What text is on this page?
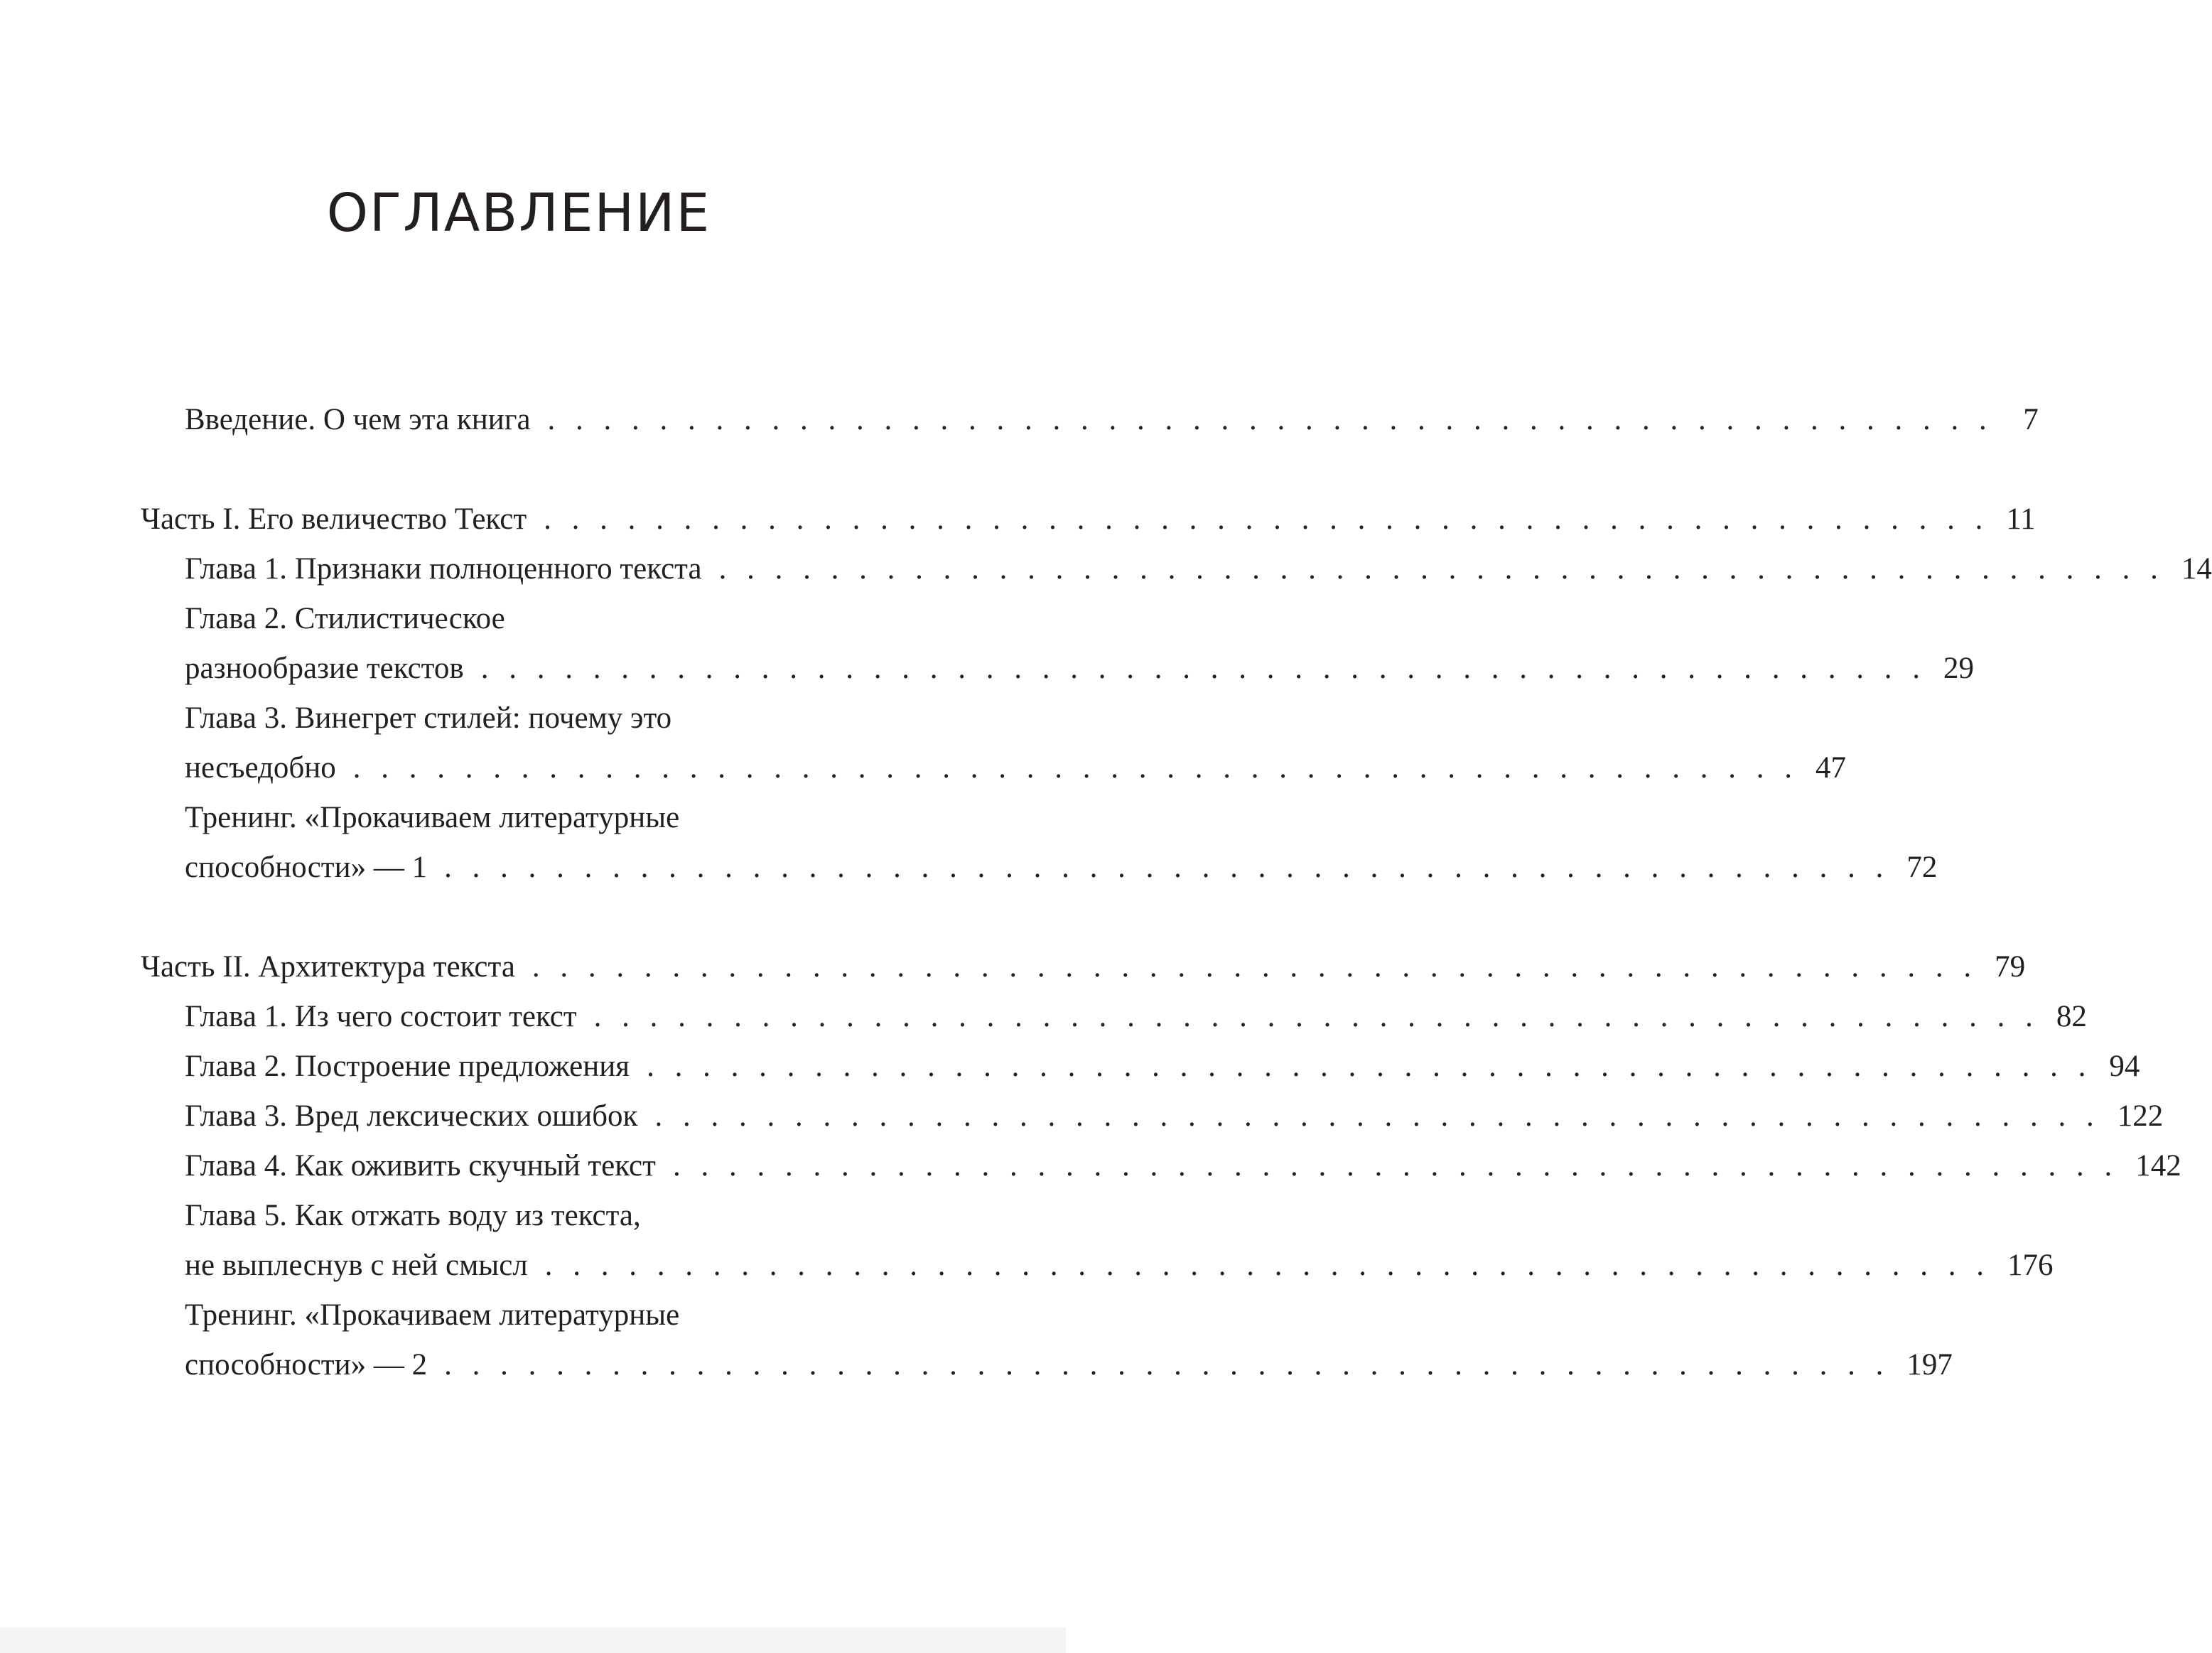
ОГЛАВЛЕНИЕ
Введение. О чем эта книга . . . . . . . . . . . . . . . . . . . . . . . . . . . . . . . . . . . . . . . . . . . . . . . . . . . . 7
Часть I. Его величество Текст . . . . . . . . . . . . . . . . . . . . . . . . . . . . . . . . . . . . . . . . . . . . . . . . . . . . 11
Глава 1. Признаки полноценного текста . . . . . . . . . . . . . . . . . . . . . . . . . . . . . . . . . . . . . . . . . . . . . . . . . . . . 14
Глава 2. Стилистическое
разнообразие текстов . . . . . . . . . . . . . . . . . . . . . . . . . . . . . . . . . . . . . . . . . . . . . . . . . . . . 29
Глава 3. Винегрет стилей: почему это
несъедобно . . . . . . . . . . . . . . . . . . . . . . . . . . . . . . . . . . . . . . . . . . . . . . . . . . . . 47
Тренинг. «Прокачиваем литературные
способности» — 1 . . . . . . . . . . . . . . . . . . . . . . . . . . . . . . . . . . . . . . . . . . . . . . . . . . . . 72
Часть II. Архитектура текста . . . . . . . . . . . . . . . . . . . . . . . . . . . . . . . . . . . . . . . . . . . . . . . . . . . . 79
Глава 1. Из чего состоит текст . . . . . . . . . . . . . . . . . . . . . . . . . . . . . . . . . . . . . . . . . . . . . . . . . . . . 82
Глава 2. Построение предложения . . . . . . . . . . . . . . . . . . . . . . . . . . . . . . . . . . . . . . . . . . . . . . . . . . . . 94
Глава 3. Вред лексических ошибок . . . . . . . . . . . . . . . . . . . . . . . . . . . . . . . . . . . . . . . . . . . . . . . . . . . . 122
Глава 4. Как оживить скучный текст . . . . . . . . . . . . . . . . . . . . . . . . . . . . . . . . . . . . . . . . . . . . . . . . . . . . 142
Глава 5. Как отжать воду из текста,
не выплеснув с ней смысл . . . . . . . . . . . . . . . . . . . . . . . . . . . . . . . . . . . . . . . . . . . . . . . . . . . . 176
Тренинг. «Прокачиваем литературные
способности» — 2 . . . . . . . . . . . . . . . . . . . . . . . . . . . . . . . . . . . . . . . . . . . . . . . . . . . . 197
